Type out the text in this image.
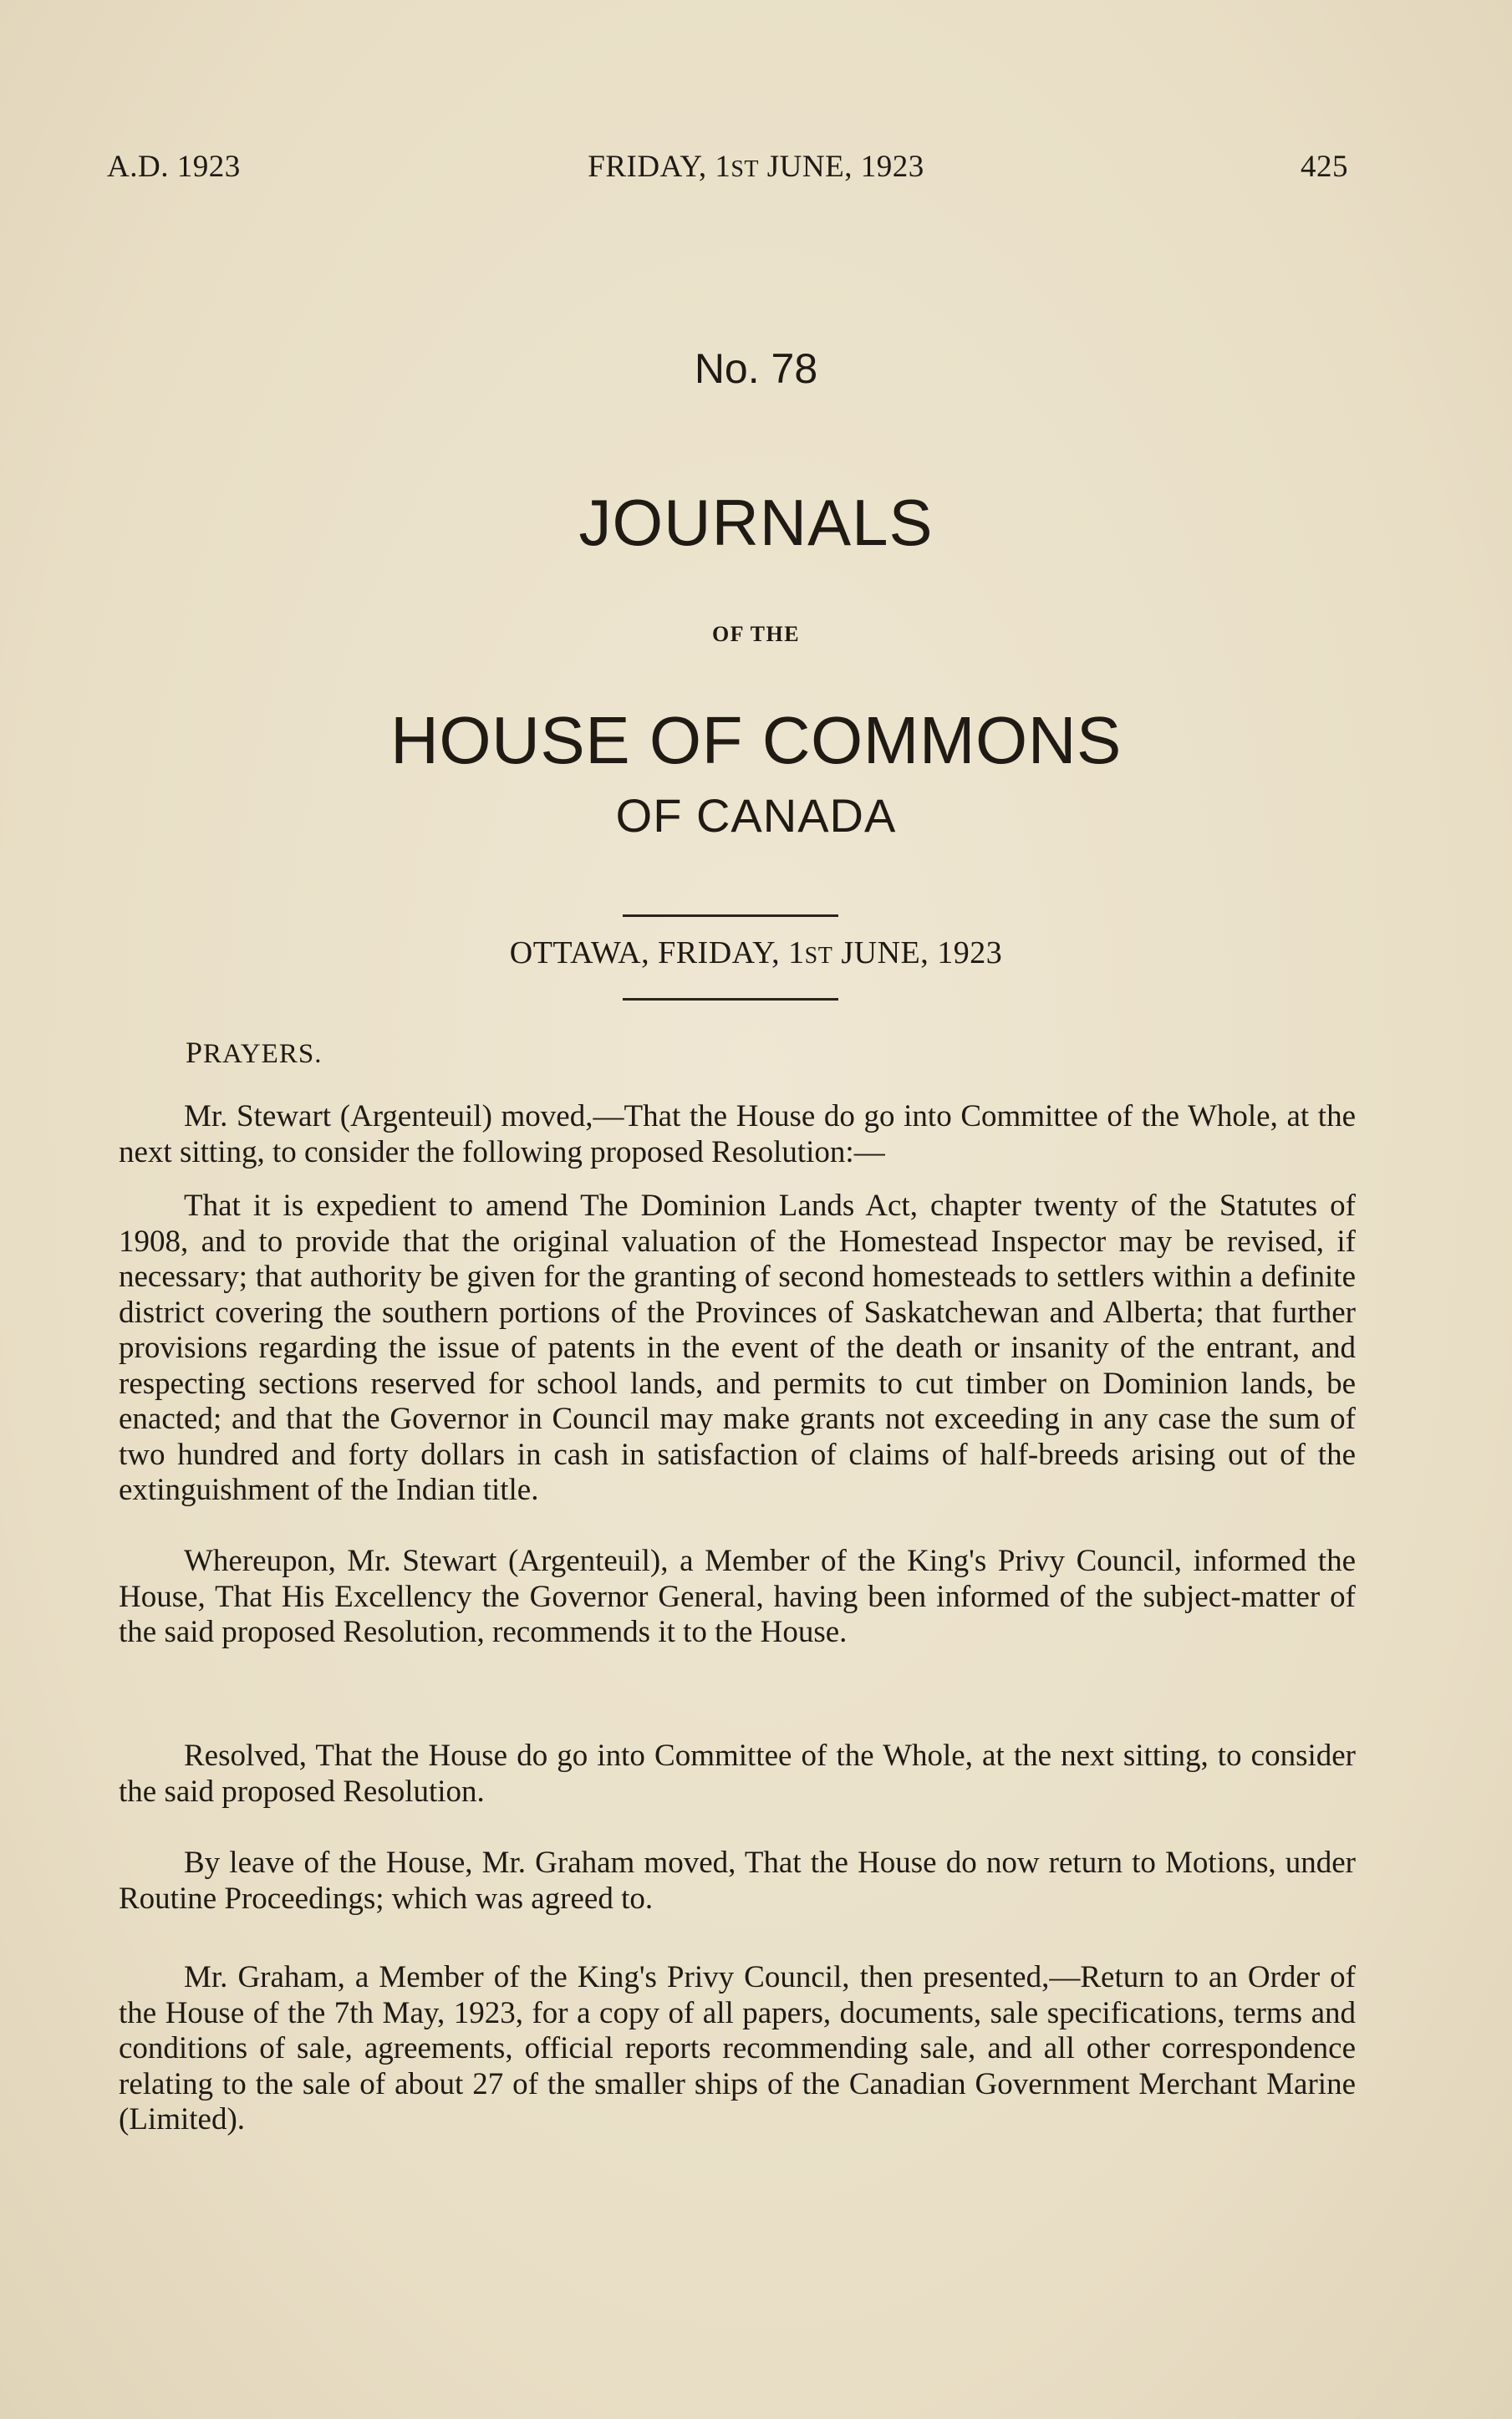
A.D. 1923	FRIDAY, 1ST JUNE, 1923	425
No. 78
JOURNALS
OF THE
HOUSE OF COMMONS
OF CANADA
OTTAWA, FRIDAY, 1ST JUNE, 1923
PRAYERS.

Mr. Stewart (Argenteuil) moved,—That the House do go into Committee of the Whole, at the next sitting, to consider the following proposed Resolution:—

That it is expedient to amend The Dominion Lands Act, chapter twenty of the Statutes of 1908, and to provide that the original valuation of the Homestead Inspector may be revised, if necessary; that authority be given for the granting of second homesteads to settlers within a definite district covering the southern portions of the Provinces of Saskatchewan and Alberta; that further provisions regarding the issue of patents in the event of the death or insanity of the entrant, and respecting sections reserved for school lands, and permits to cut timber on Dominion lands, be enacted; and that the Governor in Council may make grants not exceeding in any case the sum of two hundred and forty dollars in cash in satisfaction of claims of half-breeds arising out of the extinguishment of the Indian title.

Whereupon, Mr. Stewart (Argenteuil), a Member of the King's Privy Council, informed the House, That His Excellency the Governor General, having been informed of the subject-matter of the said proposed Resolution, recommends it to the House.

Resolved, That the House do go into Committee of the Whole, at the next sitting, to consider the said proposed Resolution.

By leave of the House, Mr. Graham moved, That the House do now return to Motions, under Routine Proceedings; which was agreed to.

Mr. Graham, a Member of the King's Privy Council, then presented,—Return to an Order of the House of the 7th May, 1923, for a copy of all papers, documents, sale specifications, terms and conditions of sale, agreements, official reports recommending sale, and all other correspondence relating to the sale of about 27 of the smaller ships of the Canadian Government Merchant Marine (Limited).
